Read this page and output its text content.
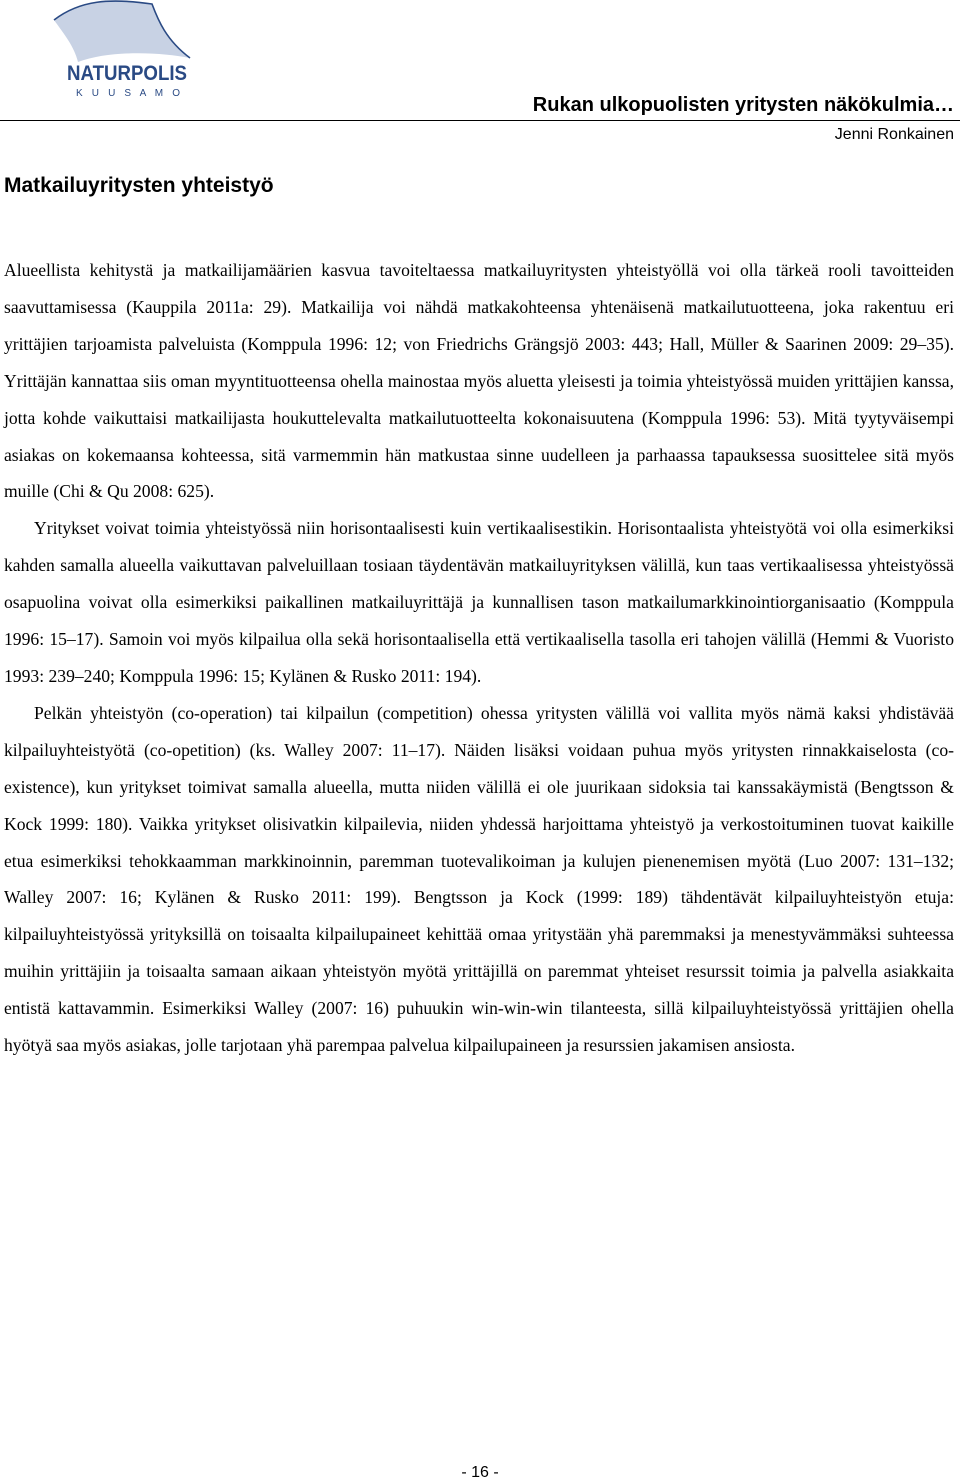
NATURPOLIS
K U U S A M O
Rukan ulkopuolisten yritysten näkökulmia…
Jenni Ronkainen
Matkailuyritysten yhteistyö

Alueellista kehitystä ja matkailijamäärien kasvua tavoiteltaessa matkailuyritysten yhteistyöllä voi olla tärkeä rooli tavoitteiden saavuttamisessa (Kauppila 2011a: 29). Matkailija voi nähdä matkakohteensa yhtenäisenä matkailutuotteena, joka rakentuu eri yrittäjien tarjoamista palveluista (Komppula 1996: 12; von Friedrichs Grängsjö 2003: 443; Hall, Müller & Saarinen 2009: 29–35). Yrittäjän kannattaa siis oman myyntituotteensa ohella mainostaa myös aluetta yleisesti ja toimia yhteistyössä muiden yrittäjien kanssa, jotta kohde vaikuttaisi matkailijasta houkuttelevalta matkailutuotteelta kokonaisuutena (Komppula 1996: 53). Mitä tyytyväisempi asiakas on kokemaansa kohteessa, sitä varmemmin hän matkustaa sinne uudelleen ja parhaassa tapauksessa suosittelee sitä myös muille (Chi & Qu 2008: 625).

Yritykset voivat toimia yhteistyössä niin horisontaalisesti kuin vertikaalisestikin. Horisontaalista yhteistyötä voi olla esimerkiksi kahden samalla alueella vaikuttavan palveluillaan tosiaan täydentävän matkailuyrityksen välillä, kun taas vertikaalisessa yhteistyössä osapuolina voivat olla esimerkiksi paikallinen matkailuyrittäjä ja kunnallisen tason matkailumarkkinointiorganisaatio (Komppula 1996: 15–17). Samoin voi myös kilpailua olla sekä horisontaalisella että vertikaalisella tasolla eri tahojen välillä (Hemmi & Vuoristo 1993: 239–240; Komppula 1996: 15; Kylänen & Rusko 2011: 194).

Pelkän yhteistyön (co-operation) tai kilpailun (competition) ohessa yritysten välillä voi vallita myös nämä kaksi yhdistävää kilpailuyhteistyötä (co-opetition) (ks. Walley 2007: 11–17). Näiden lisäksi voidaan puhua myös yritysten rinnakkaiselosta (co-existence), kun yritykset toimivat samalla alueella, mutta niiden välillä ei ole juurikaan sidoksia tai kanssakäymistä (Bengtsson & Kock 1999: 180). Vaikka yritykset olisivatkin kilpailevia, niiden yhdessä harjoittama yhteistyö ja verkostoituminen tuovat kaikille etua esimerkiksi tehokkaamman markkinoinnin, paremman tuotevalikoiman ja kulujen pienenemisen myötä (Luo 2007: 131–132; Walley 2007: 16; Kylänen & Rusko 2011: 199). Bengtsson ja Kock (1999: 189) tähdentävät kilpailuyhteistyön etuja: kilpailuyhteistyössä yrityksillä on toisaalta kilpailupaineet kehittää omaa yritystään yhä paremmaksi ja menestyvämmäksi suhteessa muihin yrittäjiin ja toisaalta samaan aikaan yhteistyön myötä yrittäjillä on paremmat yhteiset resurssit toimia ja palvella asiakkaita entistä kattavammin. Esimerkiksi Walley (2007: 16) puhuukin win-win-win tilanteesta, sillä kilpailuyhteistyössä yrittäjien ohella hyötyä saa myös asiakas, jolle tarjotaan yhä parempaa palvelua kilpailupaineen ja resurssien jakamisen ansiosta.

- 16 -
